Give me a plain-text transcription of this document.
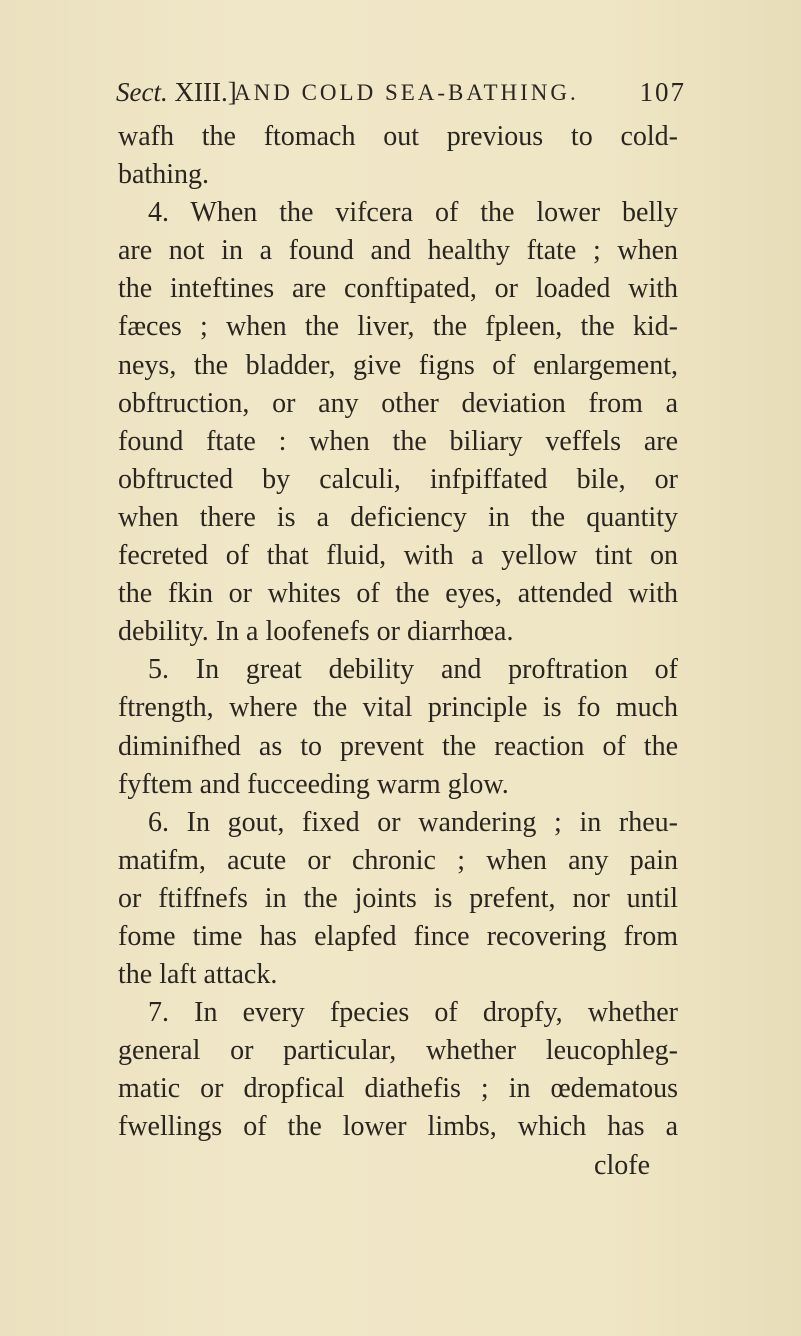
Sect. XIII.]
AND COLD SEA-BATHING. 107
wafh the ftomach out previous to cold-
bathing.
4. When the vifcera of the lower belly
are not in a found and healthy ftate ; when
the inteftines are conftipated, or loaded with
fæces ; when the liver, the fpleen, the kid-
neys, the bladder, give figns of enlargement,
obftruction, or any other deviation from a
found ftate : when the biliary veffels are
obftructed by calculi, infpiffated bile, or
when there is a deficiency in the quantity
fecreted of that fluid, with a yellow tint on
the fkin or whites of the eyes, attended with
debility. In a loofenefs or diarrhœa.
5. In great debility and proftration of
ftrength, where the vital principle is fo much
diminifhed as to prevent the reaction of the
fyftem and fucceeding warm glow.
6. In gout, fixed or wandering ; in rheu-
matifm, acute or chronic ; when any pain
or ftiffnefs in the joints is prefent, nor until
fome time has elapfed fince recovering from
the laft attack.
7. In every fpecies of dropfy, whether
general or particular, whether leucophleg-
matic or dropfical diathefis ; in œdematous
fwellings of the lower limbs, which has a
clofe
